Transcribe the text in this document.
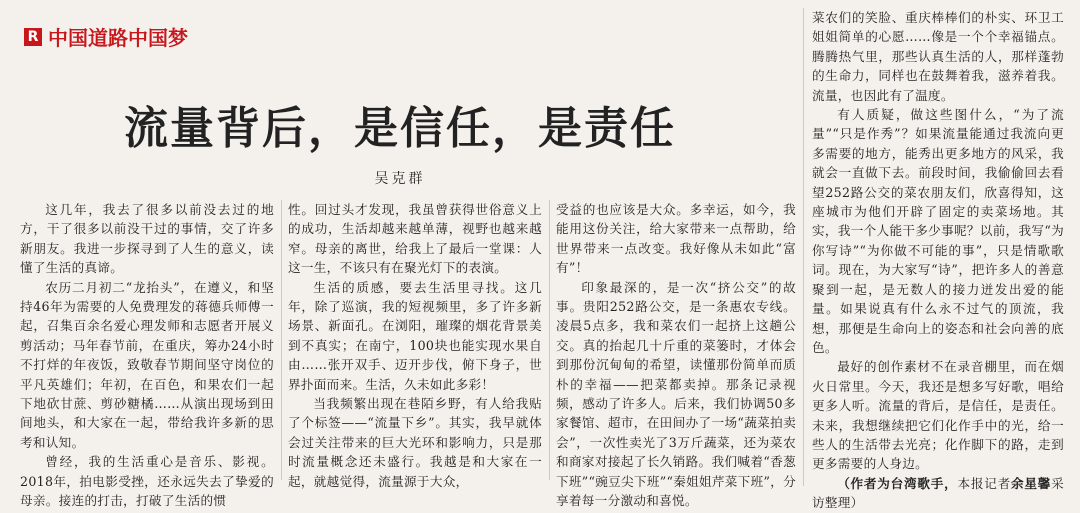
R 中国道路中国梦
流量背后，是信任，是责任
吴克群

这几年，我去了很多以前没去过的地方，干了很多以前没干过的事情，交了许多新朋友。我进一步探寻到了人生的意义，读懂了生活的真谛。

农历二月初二“龙抬头”，在遵义，和坚持46年为需要的人免费理发的蒋德兵师傅一起，召集百余名爱心理发师和志愿者开展义剪活动；马年春节前，在重庆，筹办24小时不打烊的年夜饭，致敬春节期间坚守岗位的平凡英雄们；年初，在百色，和果农们一起下地砍甘蔗、剪砂糖橘……从演出现场到田间地头，和大家在一起，带给我许多新的思考和认知。

曾经，我的生活重心是音乐、影视。2018年，拍电影受挫，还永远失去了挚爱的母亲。接连的打击，打破了生活的惯

性。回过头才发现，我虽曾获得世俗意义上的成功，生活却越来越单薄，视野也越来越窄。母亲的离世，给我上了最后一堂课：人这一生，不该只有在聚光灯下的表演。

生活的质感，要去生活里寻找。这几年，除了巡演，我的短视频里，多了许多新场景、新面孔。在浏阳，璀璨的烟花背景美到不真实；在南宁，100块也能实现水果自由……张开双手、迈开步伐，俯下身子，世界扑面而来。生活，久未如此多彩！

当我频繁出现在巷陌乡野，有人给我贴了个标签——“流量下乡”。其实，我早就体会过关注带来的巨大光环和影响力，只是那时流量概念还未盛行。我越是和大家在一起，就越觉得，流量源于大众，

受益的也应该是大众。多幸运，如今，我能用这份关注，给大家带来一点帮助，给世界带来一点改变。我好像从未如此“富有”！

印象最深的，是一次“挤公交”的故事。贵阳252路公交，是一条惠农专线。凌晨5点多，我和菜农们一起挤上这趟公交。真的抬起几十斤重的菜篓时，才体会到那份沉甸甸的希望，读懂那份简单而质朴的幸福——把菜都卖掉。那条记录视频，感动了许多人。后来，我们协调50多家餐馆、超市，在田间办了一场“蔬菜拍卖会”，一次性卖光了3万斤蔬菜，还为菜农和商家对接起了长久销路。我们喊着“香葱下班”“豌豆尖下班”“秦姐姐芹菜下班”，分享着每一分激动和喜悦。

菜农们的笑脸、重庆棒棒们的朴实、环卫工姐姐简单的心愿……像是一个个幸福锚点。腾腾热气里，那些认真生活的人，那样蓬勃的生命力，同样也在鼓舞着我，滋养着我。流量，也因此有了温度。

有人质疑，做这些图什么，“为了流量”“只是作秀”？如果流量能通过我流向更多需要的地方，能秀出更多地方的风采，我就会一直做下去。前段时间，我偷偷回去看望252路公交的菜农朋友们，欣喜得知，这座城市为他们开辟了固定的卖菜场地。其实，我一个人能干多少事呢？以前，我写“为你写诗”“为你做不可能的事”，只是情歌歌词。现在，为大家写“诗”，把许多人的善意聚到一起，是无数人的接力迸发出爱的能量。如果说真有什么永不过气的顶流，我想，那便是生命向上的姿态和社会向善的底色。

最好的创作素材不在录音棚里，而在烟火日常里。今天，我还是想多写好歌，唱给更多人听。流量的背后，是信任，是责任。未来，我想继续把它们化作手中的光，给一些人的生活带去光亮；化作脚下的路，走到更多需要的人身边。

（作者为台湾歌手，本报记者余星馨采访整理）
